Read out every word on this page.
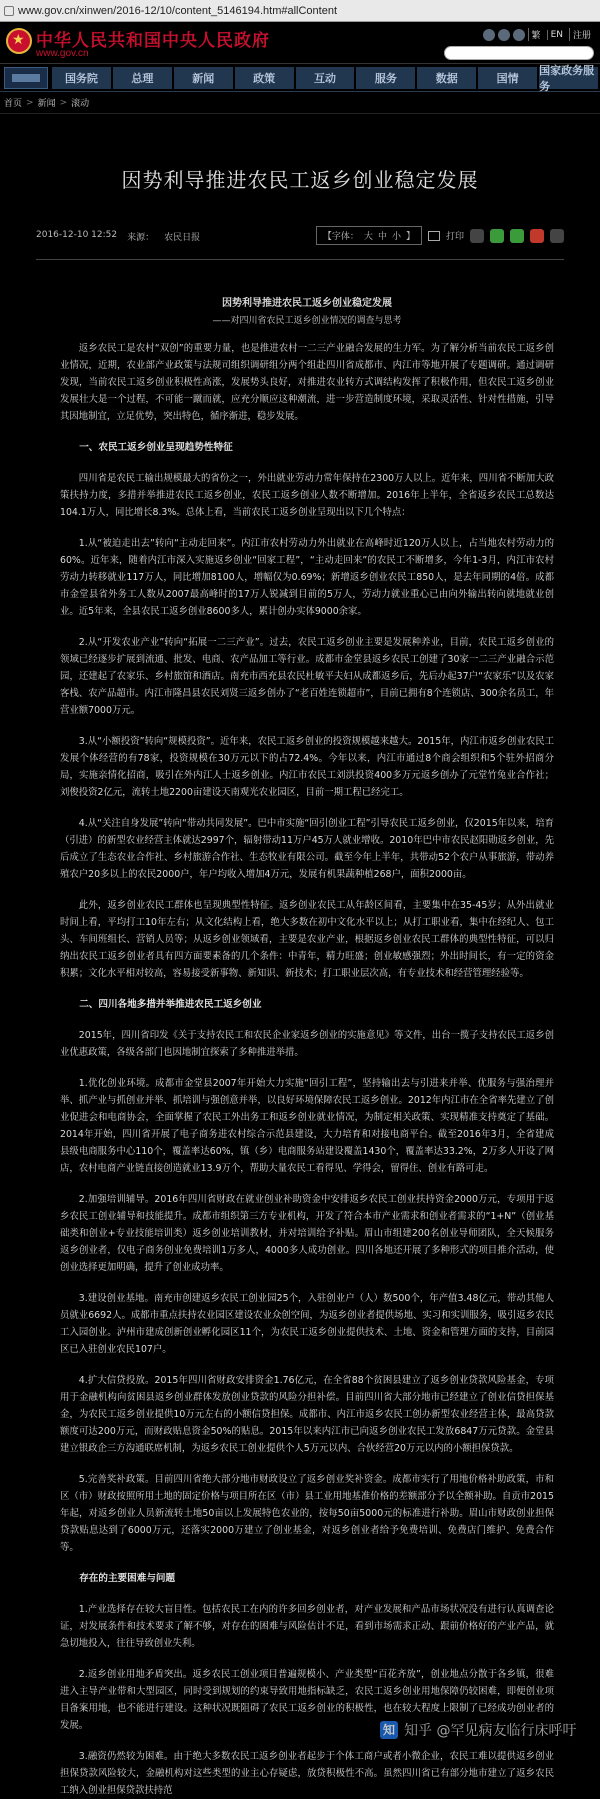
www.gov.cn/xinwen/2016-12/10/content_5146194.htm#allContent
★
中华人民共和国中央人民政府
www.gov.cn
繁	EN	注册
国务院	总理	新闻	政策	互动	服务	数据	国情
国家政务服务
首页 > 新闻 > 滚动
因势利导推进农民工返乡创业稳定发展
2016-12-10 12:52 来源： 农民日报	【字体： 大 中 小 】	打印
因势利导推进农民工返乡创业稳定发展
——对四川省农民工返乡创业情况的调查与思考

返乡农民工是农村“双创”的重要力量，也是推进农村一二三产业融合发展的生力军。为了解分析当前农民工返乡创业情况，近期，农业部产业政策与法规司组织调研组分两个组赴四川省成都市、内江市等地开展了专题调研。通过调研发现，当前农民工返乡创业积极性高涨，发展势头良好，对推进农业转方式调结构发挥了积极作用，但农民工返乡创业发展壮大是一个过程，不可能一蹴而就，应充分顺应这种潮流，进一步营造制度环境，采取灵活性、针对性措施，引导其因地制宜，立足优势，突出特色，循序渐进，稳步发展。

一、农民工返乡创业呈现趋势性特征

四川省是农民工输出规模最大的省份之一，外出就业劳动力常年保持在2300万人以上。近年来，四川省不断加大政策扶持力度，多措并举推进农民工返乡创业，农民工返乡创业人数不断增加。2016年上半年，全省返乡农民工总数达104.1万人，同比增长8.3%。总体上看，当前农民工返乡创业呈现出以下几个特点：

1.从“被迫走出去”转向“主动走回来”。内江市农村劳动力外出就业在高峰时近120万人以上，占当地农村劳动力的60%。近年来，随着内江市深入实施返乡创业“回家工程”，“主动走回来”的农民工不断增多，今年1-3月，内江市农村劳动力转移就业117万人，同比增加8100人，增幅仅为0.69%；新增返乡创业农民工850人，是去年同期的4倍。成都市金堂县省外务工人数从2007最高峰时的17万人锐减到目前的5万人，劳动力就业重心已由向外输出转向就地就业创业。近5年来，全县农民工返乡创业8600多人，累计创办实体9000余家。

2.从“开发农业产业”转向“拓展一二三产业”。过去，农民工返乡创业主要是发展种养业，目前，农民工返乡创业的领域已经逐步扩展到流通、批发、电商、农产品加工等行业。成都市金堂县返乡农民工创建了30家一二三产业融合示范园，还建起了农家乐、乡村旅馆和酒店。南充市西充县农民杜敏平夫妇从成都返乡后，先后办起37户“农家乐”以及农家客栈、农产品超市。内江市隆昌县农民刘贤三返乡创办了“老百姓连锁超市”，目前已拥有8个连锁店、300余名员工，年营业额7000万元。

3.从“小额投资”转向“规模投资”。近年来，农民工返乡创业的投资规模越来越大。2015年，内江市返乡创业农民工发展个体经营的有78家，投资规模在30万元以下的占72.4%。今年以来，内江市通过8个商会组织和5个驻外招商分局，实施亲情化招商，吸引在外内江人士返乡创业。内江市农民工刘洪投资400多万元返乡创办了元堂竹兔业合作社；刘俊投资2亿元，流转土地2200亩建设天南观光农业园区，目前一期工程已经完工。

4.从“关注自身发展”转向“带动共同发展”。巴中市实施“回引创业工程”引导农民工返乡创业，仅2015年以来，培育（引进）的新型农业经营主体就达2997个，辐射带动11万户45万人就业增收。2010年巴中市农民赵阳勋返乡创业，先后成立了生态农业合作社、乡村旅游合作社、生态牧业有限公司。截至今年上半年，共带动52个农户从事旅游，带动养殖农户20多以上的农民2000户，年户均收入增加4万元，发展有机果蔬种植268户，面积2000亩。

此外，返乡创业农民工群体也呈现典型性特征。返乡创业农民工从年龄区间看，主要集中在35-45岁；从外出就业时间上看，平均打工10年左右；从文化结构上看，绝大多数在初中文化水平以上；从打工职业看，集中在经纪人、包工头、车间班组长、营销人员等；从返乡创业领域看，主要是农业产业，根据返乡创业农民工群体的典型性特征，可以归纳出农民工返乡创业者具有四方面要素备的几个条件：中青年，精力旺盛；创业敏感强烈；外出时间长，有一定的资金积累；文化水平相对较高，容易接受新事物、新知识、新技术；打工职业层次高，有专业技术和经营管理经验等。

二、四川各地多措并举推进农民工返乡创业

2015年，四川省印发《关于支持农民工和农民企业家返乡创业的实施意见》等文件，出台一揽子支持农民工返乡创业优惠政策，各级各部门也因地制宜探索了多种推进举措。

1.优化创业环境。成都市金堂县2007年开始大力实施“回引工程”，坚持输出去与引进来并举、优服务与强治理并举、抓产业与抓创业并举、抓培训与强创意并举，以良好环境保障农民工返乡创业。2012年内江市在全省率先建立了创业促进会和电商协会，全面掌握了农民工外出务工和返乡创业就业情况，为制定相关政策、实现精准支持奠定了基础。2014年开始，四川省开展了电子商务进农村综合示范县建设，大力培育和对接电商平台。截至2016年3月，全省建成县级电商服务中心110个，覆盖率达60%，镇（乡）电商服务站建设覆盖1430个，覆盖率达33.2%，2万多人开设了网店，农村电商产业链直接创造就业13.9万个，帮助大量农民工看得见、学得会，留得住、创业有路可走。

2.加强培训辅导。2016年四川省财政在就业创业补助资金中安排返乡农民工创业扶持资金2000万元，专项用于返乡农民工创业辅导和技能提升。成都市组织第三方专业机构，开发了符合本市产业需求和创业者需求的“1+N”（创业基础类和创业+专业技能培训类）返乡创业培训教材，并对培训给予补贴。眉山市组建200名创业导师团队，全天候服务返乡创业者，仅电子商务创业免费培训1万多人，4000多人成功创业。四川各地还开展了多种形式的项目推介活动，使创业选择更加明确，提升了创业成功率。

3.建设创业基地。南充市创建返乡农民工创业园25个，入驻创业户（人）数500个，年产值3.48亿元，带动其他人员就业6692人。成都市重点扶持农业园区建设农业众创空间，为返乡创业者提供场地、实习和实训服务，吸引返乡农民工入园创业。泸州市建成创新创业孵化园区11个，为农民工返乡创业提供技术、土地、资金和管理方面的支持，目前园区已入驻创业农民107户。

4.扩大信贷投放。2015年四川省财政安排资金1.76亿元，在全省88个贫困县建立了返乡创业贷款风险基金，专项用于金融机构向贫困县返乡创业群体发放创业贷款的风险分担补偿。目前四川省大部分地市已经建立了创业信贷担保基金，为农民工返乡创业提供10万元左右的小额信贷担保。成都市、内江市返乡农民工创办新型农业经营主体，最高贷款额度可达200万元，而财政贴息资金50%的贴息。2015年以来内江市已向返乡创业农民工发放6847万元贷款。金堂县建立银政企三方沟通联席机制，为返乡农民工创业提供个人5万元以内、合伙经营20万元以内的小额担保贷款。

5.完善奖补政策。目前四川省绝大部分地市财政设立了返乡创业奖补资金。成都市实行了用地价格补助政策，市和区（市）财政按照所用土地的固定价格与项目所在区（市）县工业用地基准价格的差额部分予以全额补助。自贡市2015年起，对返乡创业人员新流转土地50亩以上发展特色农业的，按每50亩5000元的标准进行补助。眉山市财政创业担保贷款贴息达到了6000万元，还落实2000万建立了创业基金，对返乡创业者给予免费培训、免费店门维护、免费合作等。

存在的主要困难与问题

1.产业选择存在较大盲目性。包括农民工在内的许多回乡创业者，对产业发展和产品市场状况没有进行认真调查论证，对发展条件和技术要求了解不够，对存在的困难与风险估计不足，看到市场需求正动、跟前价格好的产业产品，就急切地投入，往往导致创业失利。

2.返乡创业用地矛盾突出。返乡农民工创业项目普遍规模小、产业类型“百花齐放”，创业地点分散于各乡镇，很难进入主导产业带和大型园区，同时受到规划的约束导致用地指标缺乏，农民工返乡创业用地保障仍较困难，即便创业项目备案用地，也不能进行建设。这种状况既阻碍了农民工返乡创业的积极性，也在较大程度上限制了已经成功创业者的发展。

3.融资仍然较为困难。由于绝大多数农民工返乡创业者起步于个体工商户或者小微企业，农民工难以提供返乡创业担保贷款风险较大，金融机构对这些类型的业主心存疑虑，放贷积极性不高。虽然四川省已有部分地市建立了返乡农民工纳入创业担保贷款扶持范

知 知乎 @罕见病友临行床呼吁
